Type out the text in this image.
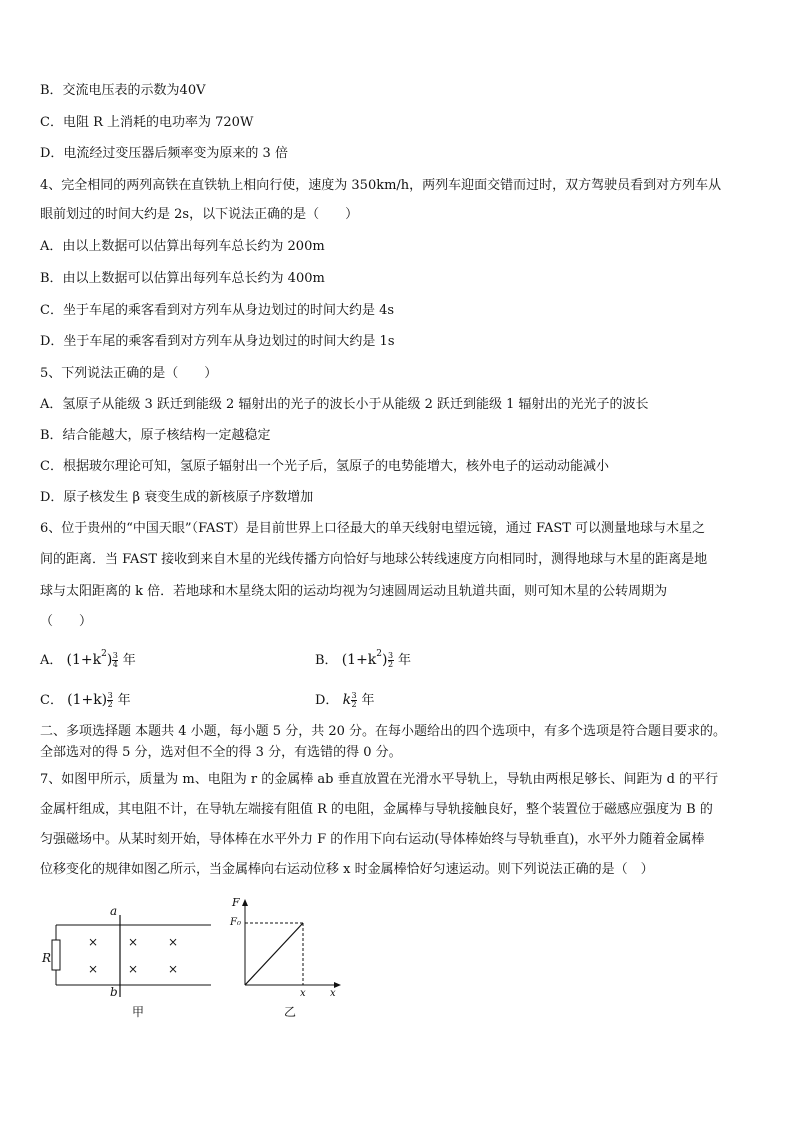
B．交流电压表的示数为40V
C．电阻 R 上消耗的电功率为 720W
D．电流经过变压器后频率变为原来的 3 倍
4、完全相同的两列高铁在直铁轨上相向行使，速度为 350km/h，两列车迎面交错而过时，双方驾驶员看到对方列车从
眼前划过的时间大约是 2s，以下说法正确的是（　　）
A．由以上数据可以估算出每列车总长约为 200m
B．由以上数据可以估算出每列车总长约为 400m
C．坐于车尾的乘客看到对方列车从身边划过的时间大约是 4s
D．坐于车尾的乘客看到对方列车从身边划过的时间大约是 1s
5、下列说法正确的是（　　）
A．氢原子从能级 3 跃迁到能级 2 辐射出的光子的波长小于从能级 2 跃迁到能级 1 辐射出的光光子的波长
B．结合能越大，原子核结构一定越稳定
C．根据玻尔理论可知，氢原子辐射出一个光子后，氢原子的电势能增大，核外电子的运动动能减小
D．原子核发生 β 衰变生成的新核原子序数增加
6、位于贵州的“中国天眼”（FAST）是目前世界上口径最大的单天线射电望远镜，通过 FAST 可以测量地球与木星之
间的距离．当 FAST 接收到来自木星的光线传播方向恰好与地球公转线速度方向相同时，测得地球与木星的距离是地
球与太阳距离的 k 倍．若地球和木星绕太阳的运动均视为匀速圆周运动且轨道共面，则可知木星的公转周期为
（　　）
A． $(1+k2) \frac{3}{4}$ 年	B． $(1+k2) \frac{3}{2}$ 年
C． $(1+k) \frac{3}{2}$ 年	D． k $\frac{3}{2}$ 年
二、多项选择题 本题共 4 小题，每小题 5 分，共 20 分。在每小题给出的四个选项中，有多个选项是符合题目要求的。
全部选对的得 5 分，选对但不全的得 3 分，有选错的得 0 分。
7、如图甲所示，质量为 m、电阻为 r 的金属棒 ab 垂直放置在光滑水平导轨上，导轨由两根足够长、间距为 d 的平行
金属杆组成，其电阻不计，在导轨左端接有阻值 R 的电阻，金属棒与导轨接触良好，整个装置位于磁感应强度为 B 的
匀强磁场中。从某时刻开始，导体棒在水平外力 F 的作用下向右运动(导体棒始终与导轨垂直)，水平外力随着金属棒
位移变化的规律如图乙所示，当金属棒向右运动位移 x 时金属棒恰好匀速运动。则下列说法正确的是（　）
R
a
b
× × ×
× × ×
甲
F
F₀
x x
乙
